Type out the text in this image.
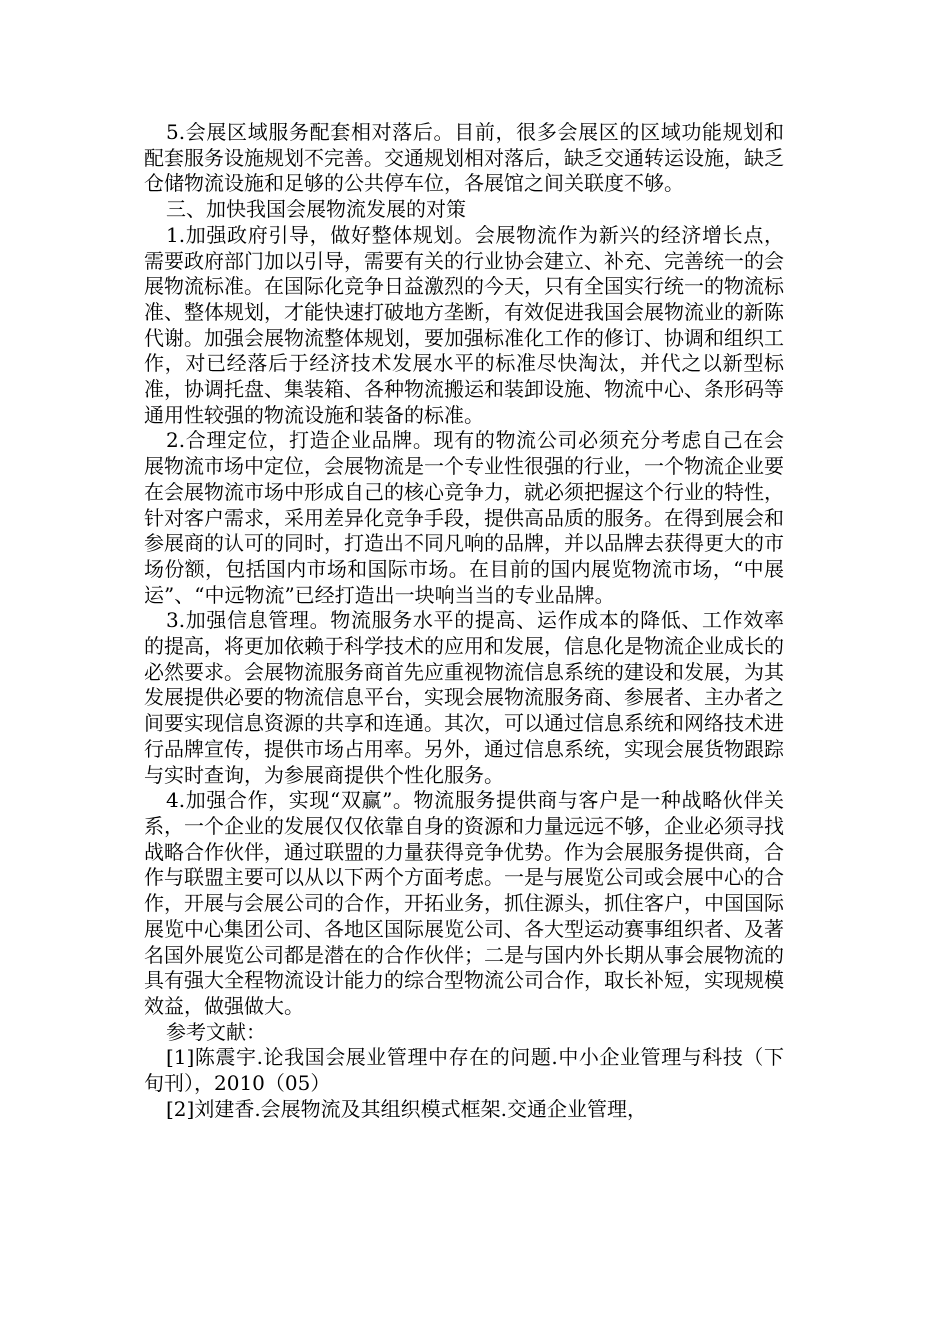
5.会展区域服务配套相对落后。目前，很多会展区的区域功能规划和配套服务设施规划不完善。交通规划相对落后，缺乏交通转运设施，缺乏仓储物流设施和足够的公共停车位，各展馆之间关联度不够。

三、加快我国会展物流发展的对策

1.加强政府引导，做好整体规划。会展物流作为新兴的经济增长点，需要政府部门加以引导，需要有关的行业协会建立、补充、完善统一的会展物流标准。在国际化竞争日益激烈的今天，只有全国实行统一的物流标准、整体规划，才能快速打破地方垄断，有效促进我国会展物流业的新陈代谢。加强会展物流整体规划，要加强标准化工作的修订、协调和组织工作，对已经落后于经济技术发展水平的标准尽快淘汰，并代之以新型标准，协调托盘、集装箱、各种物流搬运和装卸设施、物流中心、条形码等通用性较强的物流设施和装备的标准。

2.合理定位，打造企业品牌。现有的物流公司必须充分考虑自己在会展物流市场中定位，会展物流是一个专业性很强的行业，一个物流企业要在会展物流市场中形成自己的核心竞争力，就必须把握这个行业的特性，针对客户需求，采用差异化竞争手段，提供高品质的服务。在得到展会和参展商的认可的同时，打造出不同凡响的品牌，并以品牌去获得更大的市场份额，包括国内市场和国际市场。在目前的国内展览物流市场，“中展运”、“中远物流”已经打造出一块响当当的专业品牌。

3.加强信息管理。物流服务水平的提高、运作成本的降低、工作效率的提高，将更加依赖于科学技术的应用和发展，信息化是物流企业成长的必然要求。会展物流服务商首先应重视物流信息系统的建设和发展，为其发展提供必要的物流信息平台，实现会展物流服务商、参展者、主办者之间要实现信息资源的共享和连通。其次，可以通过信息系统和网络技术进行品牌宣传，提供市场占用率。另外，通过信息系统，实现会展货物跟踪与实时查询，为参展商提供个性化服务。

4.加强合作，实现“双赢”。物流服务提供商与客户是一种战略伙伴关系，一个企业的发展仅仅依靠自身的资源和力量远远不够，企业必须寻找战略合作伙伴，通过联盟的力量获得竞争优势。作为会展服务提供商，合作与联盟主要可以从以下两个方面考虑。一是与展览公司或会展中心的合作，开展与会展公司的合作，开拓业务，抓住源头，抓住客户，中国国际展览中心集团公司、各地区国际展览公司、各大型运动赛事组织者、及著名国外展览公司都是潜在的合作伙伴；二是与国内外长期从事会展物流的具有强大全程物流设计能力的综合型物流公司合作，取长补短，实现规模效益，做强做大。

参考文献：

[1]陈震宇.论我国会展业管理中存在的问题.中小企业管理与科技（下旬刊），2010（05）

[2]刘建香.会展物流及其组织模式框架.交通企业管理，
